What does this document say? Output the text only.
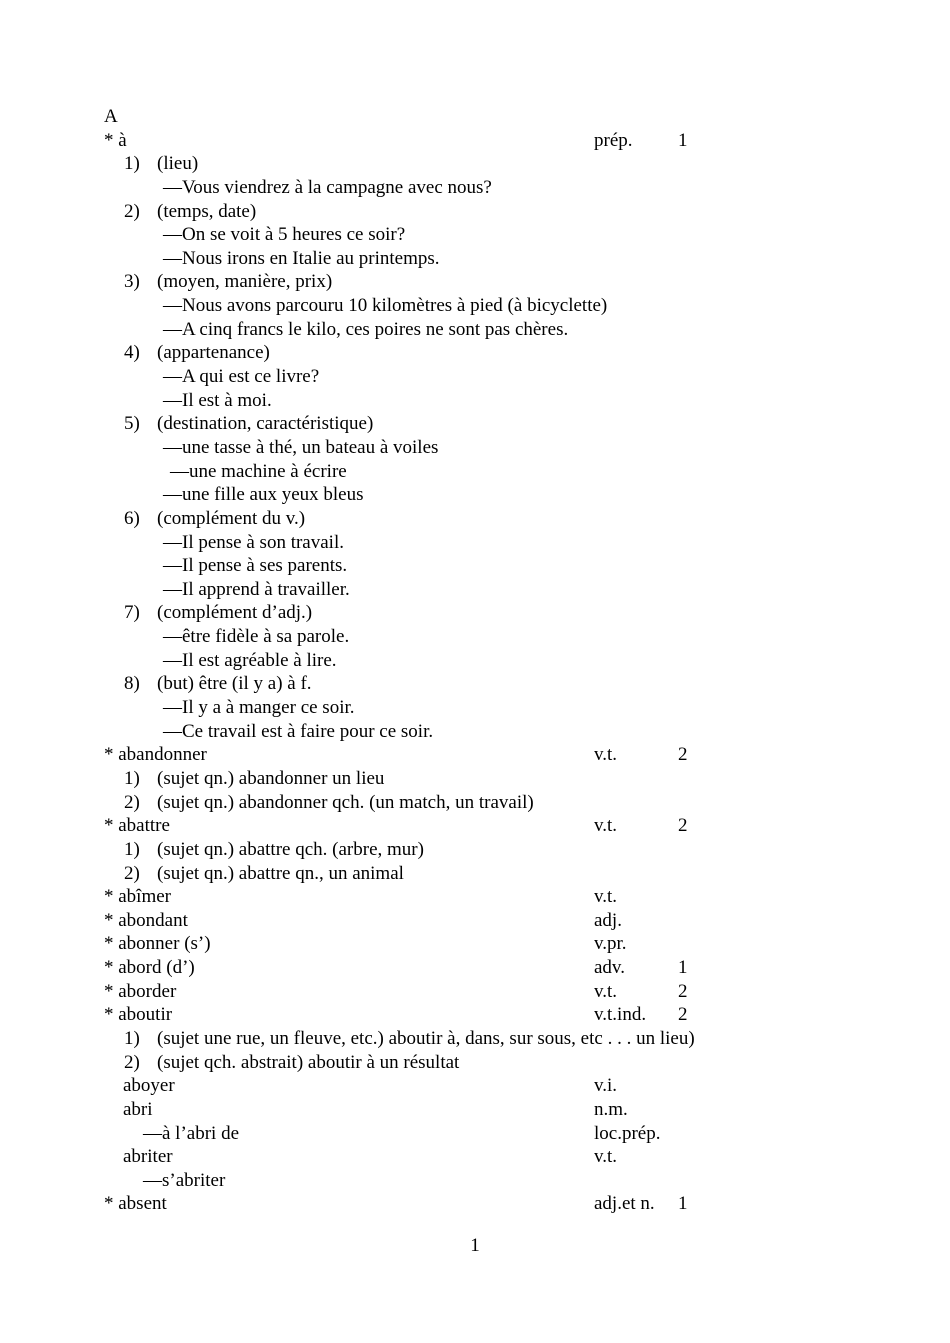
A
* à	prép. 1
1) (lieu)
—Vous viendrez à la campagne avec nous?
2) (temps, date)
—On se voit à 5 heures ce soir?
—Nous irons en Italie au printemps.
3) (moyen, manière, prix)
—Nous avons parcouru 10 kilomètres à pied (à bicyclette)
—A cinq francs le kilo, ces poires ne sont pas chères.
4) (appartenance)
—A qui est ce livre?
—Il est à moi.
5) (destination, caractéristique)
—une tasse à thé, un bateau à voiles
—une machine à écrire
—une fille aux yeux bleus
6) (complément du v.)
—Il pense à son travail.
—Il pense à ses parents.
—Il apprend à travailler.
7) (complément d’adj.)
—être fidèle à sa parole.
—Il est agréable à lire.
8) (but) être (il y a) à f.
—Il y a à manger ce soir.
—Ce travail est à faire pour ce soir.
* abandonner	v.t.	2
1) (sujet qn.) abandonner un lieu
2) (sujet qn.) abandonner qch. (un match, un travail)
* abattre	v.t.	2
1) (sujet qn.) abattre qch. (arbre, mur)
2) (sujet qn.) abattre qn., un animal
* abîmer	v.t.
* abondant	adj.
* abonner (s’)	v.pr.
* abord (d’)	adv.	1
* aborder	v.t.	2
* aboutir	v.t.ind. 2
1) (sujet une rue, un fleuve, etc.) aboutir à, dans, sur sous, etc . . . un lieu)
2) (sujet qch. abstrait) aboutir à un résultat
aboyer	v.i.
abri	n.m.
—à l’abri de	loc.prép.
abriter	v.t.
—s’abriter
* absent	adj.et n. 1
1
